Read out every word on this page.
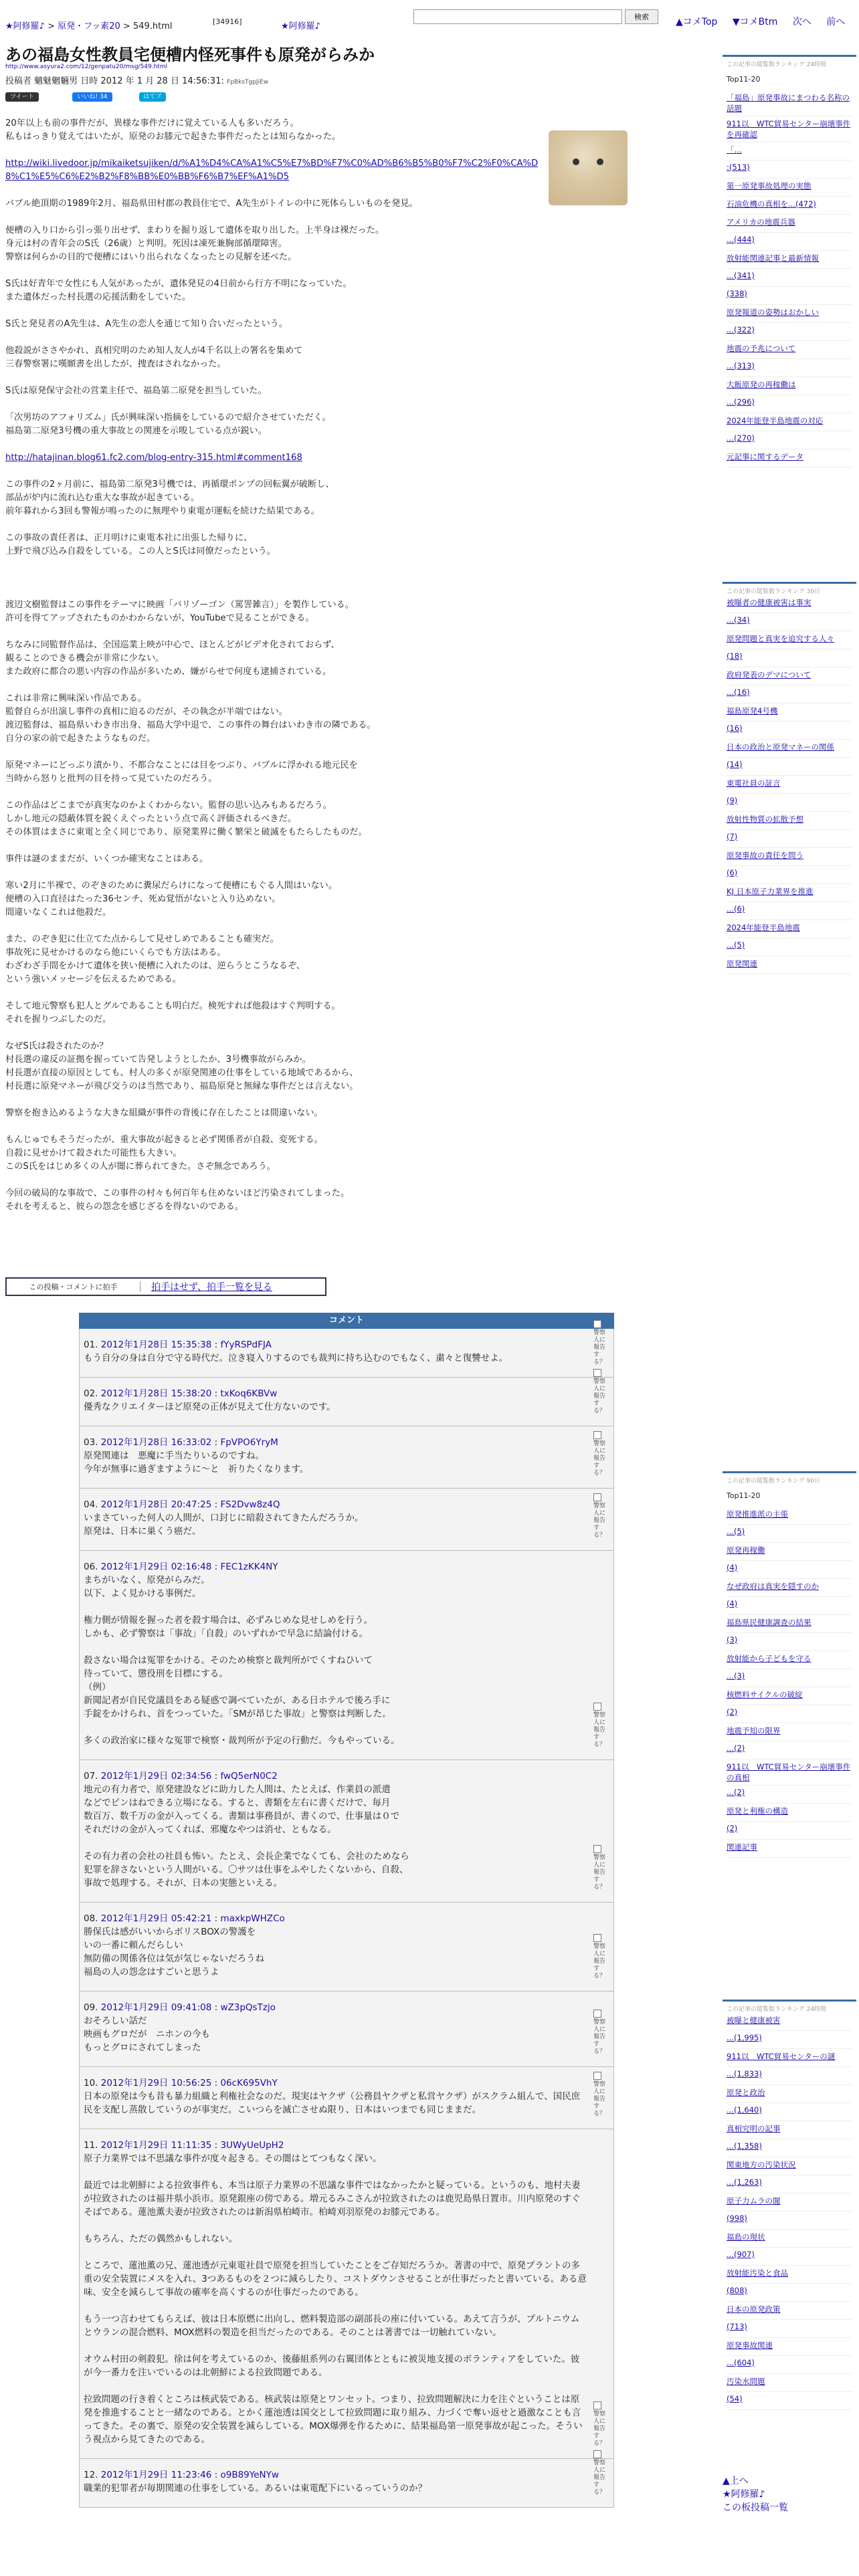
★阿修羅♪ > 原発・フッ素20 > 549.html	[34916]	★阿修羅♪
検索	▲コメTop ▼コメBtm 次へ 前へ
あの福島女性教員宅便槽内怪死事件も原発がらみか
http://www.asyura2.com/12/genpatu20/msg/549.html
投稿者 魑魅魍魎男 日時 2012 年 1 月 28 日 14:56:31: FpBksTgpJiEw
ツイート	いいね! 34	はてブ

20年以上も前の事件だが、異様な事件だけに覚えている人も多いだろう。
私もはっきり覚えてはいたが、原発のお膝元で起きた事件だったとは知らなかった。

http://wiki.livedoor.jp/mikaiketsujiken/d/%A1%D4%CA%A1%C5%E7%BD%F7%C0%AD%B6%B5%B0%F7%C2%F0%CA%D8%C1%E5%C6%E2%B2%F8%BB%E0%BB%F6%B7%EF%A1%D5

バブル絶頂期の1989年2月、福島県田村郡の教員住宅で、A先生がトイレの中に死体らしいものを発見。

便槽の入り口から引っ張り出せず、まわりを掘り返して遺体を取り出した。上半身は裸だった。
身元は村の青年会のS氏（26歳）と判明。死因は凍死兼胸部循環障害。
警察は何らかの目的で便槽にはいり出られなくなったとの見解を述べた。

S氏は好青年で女性にも人気があったが、遺体発見の4日前から行方不明になっていた。
また遺体だった村長選の応援活動をしていた。

S氏と発見者のA先生は、A先生の恋人を通じて知り合いだったという。

他殺説がささやかれ、真相究明のため知人友人が4千名以上の署名を集めて
三春警察署に嘆願書を出したが、捜査はされなかった。

S氏は原発保守会社の営業主任で、福島第二原発を担当していた。

「次男坊のアフォリズム」氏が興味深い指摘をしているので紹介させていただく。
福島第二原発3号機の重大事故との関連を示唆している点が鋭い。

http://hatajinan.blog61.fc2.com/blog-entry-315.html#comment168

この事件の2ヶ月前に、福島第二原発3号機では、再循環ポンプの回転翼が破断し、
部品が炉内に流れ込む重大な事故が起きている。
前年暮れから3回も警報が鳴ったのに無理やり東電が運転を続けた結果である。

この事故の責任者は、正月明けに東電本社に出張した帰りに、
上野で飛び込み自殺をしている。この人とS氏は同僚だったという。

渡辺文樹監督はこの事件をテーマに映画「バリゾーゴン（罵詈雑言）」を製作している。
許可を得てアップされたものかわからないが、YouTubeで見ることができる。

ちなみに同監督作品は、全国巡業上映が中心で、ほとんどがビデオ化されておらず、
観ることのできる機会が非常に少ない。
また政府に都合の悪い内容の作品が多いため、嫌がらせで何度も逮捕されている。

これは非常に興味深い作品である。
監督自らが出演し事件の真相に迫るのだが、その執念が半端ではない。
渡辺監督は、福島県いわき市出身、福島大学中退で、この事件の舞台はいわき市の隣である。
自分の家の前で起きたようなものだ。

原発マネーにどっぷり漬かり、不都合なことには目をつぶり、バブルに浮かれる地元民を
当時から怒りと批判の目を持って見ていたのだろう。

この作品はどこまでが真実なのかよくわからない。監督の思い込みもあるだろう。
しかし地元の隠蔽体質を鋭くえぐったという点で高く評価されるべきだ。
その体質はまさに東電と全く同じであり、原発業界に働く繁栄と破滅をもたらしたものだ。

事件は謎のままだが、いくつか確実なことはある。

寒い2月に半裸で、のぞきのために糞尿だらけになって便槽にもぐる人間はいない。
便槽の入口直径はたった36センチ、死ぬ覚悟がないと入り込めない。
間違いなくこれは他殺だ。

また、のぞき犯に仕立てた点からして見せしめであることも確実だ。
事故死に見せかけるのなら他にいくらでも方法はある。
わざわざ手間をかけて遺体を狭い便槽に入れたのは、逆らうとこうなるぞ、
という強いメッセージを伝えるためである。

そして地元警察も犯人とグルであることも明白だ。検死すれば他殺はすぐ判明する。
それを握りつぶしたのだ。

なぜS氏は殺されたのか？
村長選の違反の証拠を握っていて告発しようとしたか、3号機事故がらみか。
村長選が直接の原因としても、村人の多くが原発関連の仕事をしている地域であるから、
村長選に原発マネーが飛び交うのは当然であり、福島原発と無縁な事件だとは言えない。

警察を抱き込めるような大きな組織が事件の背後に存在したことは間違いない。

もんじゅでもそうだったが、重大事故が起きると必ず関係者が自殺、変死する。
自殺に見せかけて殺された可能性も大きい。
このS氏をはじめ多くの人が闇に葬られてきた。さぞ無念であろう。

今回の破局的な事故で、この事件の村々も何百年も住めないほど汚染されてしまった。
それを考えると、彼らの怨念を感じざるを得ないのである。

この投稿・コメントに拍手	拍手はせず、拍手一覧を見る
コメント
01. 2012年1月28日 15:35:38 : fYyRSPdFJA
もう自分の身は自分で守る時代だ。泣き寝入りするのでも裁判に持ち込むのでもなく、粛々と復讐せよ。
警察人に報告する？
02. 2012年1月28日 15:38:20 : txKoq6KBVw
優秀なクリエイターほど原発の正体が見えて仕方ないのです。
警察人に報告する？
03. 2012年1月28日 16:33:02 : FpVPO6YryM
原発関連は　悪魔に手当たりいるのですね。
今年が無事に過ぎますように〜と　祈りたくなります。
警察人に報告する？
04. 2012年1月28日 20:47:25 : FS2Dvw8z4Q
いまさていった何人の人間が、口封じに暗殺されてきたんだろうか。
原発は、日本に巣くう癌だ。
警察人に報告する？
06. 2012年1月29日 02:16:48 : FEC1zKK4NY
まちがいなく、原発がらみだ。
以下、よく見かける事例だ。

権力側が情報を握った者を殺す場合は、必ずみじめな見せしめを行う。
しかも、必ず警察は「事故」「自殺」のいずれかで早急に結論付ける。

殺さない場合は冤罪をかける。そのため検察と裁判所がでくすねひいて
待っていて、懲役刑を目標にする。
（例）
新聞記者が自民党議員をある疑惑で調べていたが、ある日ホテルで後ろ手に
手錠をかけられ、首をつっていた。「SMが昂じた事故」と警察は判断した。

多くの政治家に様々な冤罪で検察・裁判所が予定の行動だ。今もやっている。
警察人に報告する？
07. 2012年1月29日 02:34:56 : fwQ5erN0C2
地元の有力者で、原発建設などに助力した人間は、たとえば、作業員の派遣
などでピンはねできる立場になる。すると、書類を左右に書くだけで、毎月
数百万、数千万の金が入ってくる。書類は事務員が、書くので、仕事量は０で
それだけの金が入ってくれば、邪魔なやつは消せ、ともなる。

その有力者の会社の社員も怖い。たとえ、会長企業でなくても、会社のためなら
犯罪を辞さないという人間がいる。〇サツは仕事をふやしたくないから、自殺、
事故で処理する。それが、日本の実態といえる。
警察人に報告する？
08. 2012年1月29日 05:42:21 : maxkpWHZCo
勝保氏は感がいいからボリスBOXの警護を
いの一番に頼んだらしい
無防備の関係各位は気が気じゃないだろうね
福島の人の怨念はすごいと思うよ
警察人に報告する？
09. 2012年1月29日 09:41:08 : wZ3pQsTzjo
おそろしい話だ
映画もグロだが　ニホンの今も
もっとグロにされてしまった
警察人に報告する？
10. 2012年1月29日 10:56:25 : 06cK695VhY
日本の原発は今も昔も暴力組織と利権社会なのだ。現実はヤクザ（公務員ヤクザと私営ヤクザ）がスクラム組んで、国民庶民を支配し蒸散していうのが事実だ。こいつらを滅亡させぬ限り、日本はいつまでも同じままだ。
警察人に報告する？
11. 2012年1月29日 11:11:35 : 3UWyUeUpH2
原子力業界では不思議な事件が度々起きる。その闇はとてつもなく深い。

最近では北朝鮮による拉致事件も、本当は原子力業界の不思議な事件ではなかったかと疑っている。というのも、地村夫妻が拉致されたのは福井県小浜市。原発銀座の傍である。増元るみこさんが拉致されたのは鹿児島県日置市。川内原発のすぐそばである。蓮池薫夫妻が拉致されたのは新潟県柏崎市。柏崎刈羽原発のお膝元である。

もちろん、ただの偶然かもしれない。

ところで、蓮池薫の兄、蓮池透が元東電社員で原発を担当していたことをご存知だろうか。著書の中で、原発プラントの多重の安全装置にメスを入れ、3つあるものを２つに減らしたり、コストダウンさせることが仕事だったと書いている。ある意味、安全を減らして事故の確率を高くするのが仕事だったのである。

もう一つ言わせてもらえば、彼は日本原燃に出向し、燃料製造部の副部長の座に付いている。あえて言うが、プルトニウムとウランの混合燃料、MOX燃料の製造を担当だったのである。そのことは著書では一切触れていない。

オウム村田の剣殺犯。徐は何を考えているのか、後藤組系列の右翼団体とともに被災地支援のボランティアをしていた。彼が今一番力を注いでいるのは北朝鮮による拉致問題である。

拉致問題の行き着くところは核武装である。核武装は原発とワンセット。つまり、拉致問題解決に力を注ぐということは原発を推進することと一緒なのである。とかく蓮池透は国交として拉致問題に取り組み、力づくで奪い返せと過激なことも言ってきた。その裏で、原発の安全装置を減らしている。MOX爆弾を作るために、結果福島第一原発事故が起こった。そういう視点から見てきたのである。
警察人に報告する？
12. 2012年1月29日 11:23:46 : o9B89YeNYw
職業的犯罪者が毎期関連の仕事をしている。あるいは東電配下にいるっていうのか？
警察人に報告する？
この記事の閲覧数ランキング 24時間
Top11-20
「福島」原発事故にまつわる名称の話題
911以　WTC貿易センター崩壊事件を再確認
「…
:(513)
第一原発事故処理の実態
石油危機の真相を...(472)
アメリカの地震兵器
...(444)
放射能関連記事と最新情報
...(341)
(338)
原発報道の姿勢はおかしい
...(322)
地震の予兆について
...(313)
大飯原発の再稼働は
...(296)
2024年能登半島地震の対応
...(270)
元記事に関するデータ
この記事の閲覧数ランキング 30日
被曝者の健康被害は事実
...(34)
原発問題と真実を追究する人々
(18)
政府発表のデマについて
...(16)
福島原発4号機
(16)
日本の政治と原発マネーの関係
(14)
東電社員の証言
(9)
放射性物質の拡散予想
(7)
原発事故の責任を問う
(6)
KJ 日本原子力業界を推進
...(6)
2024年能登半島地震
...(5)
原発関連
この記事の閲覧数ランキング 90日
Top11-20
原発推進派の主張
...(5)
原発再稼働
(4)
なぜ政府は真実を隠すのか
(4)
福島県民健康調査の結果
(3)
放射能から子どもを守る
...(3)
核燃料サイクルの破綻
(2)
地震予知の限界
...(2)
911以　WTC貿易センター崩壊事件の真相
...(2)
原発と利権の構造
(2)
関連記事
この記事の閲覧数ランキング 24時間
被曝と健康被害
...(1,995)
911以　WTC貿易センターの謎
...(1,833)
原発と政治
...(1,640)
真相究明の記事
...(1,358)
関東地方の汚染状況
...(1,263)
原子力ムラの闇
(998)
福島の現状
...(907)
放射能汚染と食品
(808)
日本の原発政策
(713)
原発事故関連
...(604)
汚染水問題
(54)
▲上へ
★阿修羅♪
この板投稿一覧
